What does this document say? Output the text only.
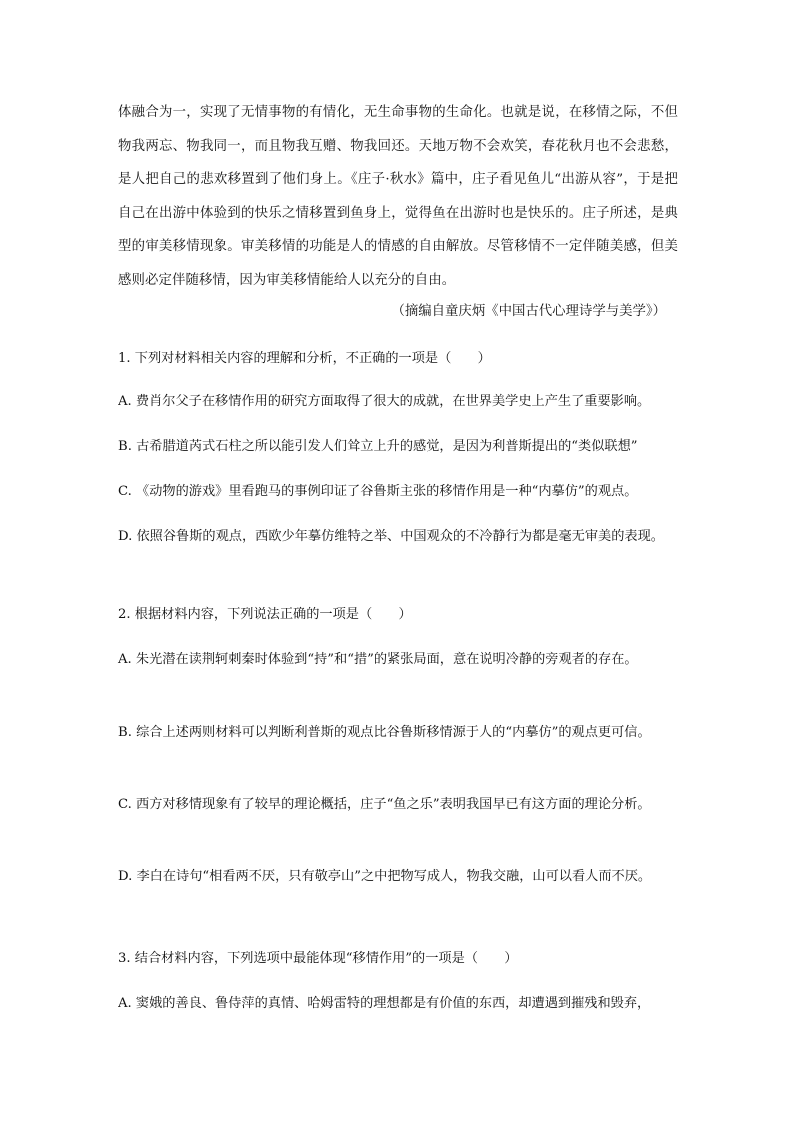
体融合为一，实现了无情事物的有情化，无生命事物的生命化。也就是说，在移情之际，不但物我两忘、物我同一，而且物我互赠、物我回还。天地万物不会欢笑，春花秋月也不会悲愁，是人把自己的悲欢移置到了他们身上。《庄子·秋水》篇中，庄子看见鱼儿“出游从容”，于是把自己在出游中体验到的快乐之情移置到鱼身上，觉得鱼在出游时也是快乐的。庄子所述，是典型的审美移情现象。审美移情的功能是人的情感的自由解放。尽管移情不一定伴随美感，但美感则必定伴随移情，因为审美移情能给人以充分的自由。
（摘编自童庆炳《中国古代心理诗学与美学》）
1. 下列对材料相关内容的理解和分析，不正确的一项是（　　）
A. 费肖尔父子在移情作用的研究方面取得了很大的成就，在世界美学史上产生了重要影响。
B. 古希腊道芮式石柱之所以能引发人们耸立上升的感觉，是因为利普斯提出的“类似联想”
C. 《动物的游戏》里看跑马的事例印证了谷鲁斯主张的移情作用是一种“内摹仿”的观点。
D. 依照谷鲁斯的观点，西欧少年摹仿维特之举、中国观众的不冷静行为都是毫无审美的表现。
2. 根据材料内容，下列说法正确的一项是（　　）
A. 朱光潜在读荆轲刺秦时体验到“持”和“措”的紧张局面，意在说明冷静的旁观者的存在。
B. 综合上述两则材料可以判断利普斯的观点比谷鲁斯移情源于人的“内摹仿”的观点更可信。
C. 西方对移情现象有了较早的理论概括，庄子“鱼之乐”表明我国早已有这方面的理论分析。
D. 李白在诗句“相看两不厌，只有敬亭山”之中把物写成人，物我交融，山可以看人而不厌。
3. 结合材料内容，下列选项中最能体现“移情作用”的一项是（　　）
A. 窦娥的善良、鲁侍萍的真情、哈姆雷特的理想都是有价值的东西，却遭遇到摧残和毁弃，
